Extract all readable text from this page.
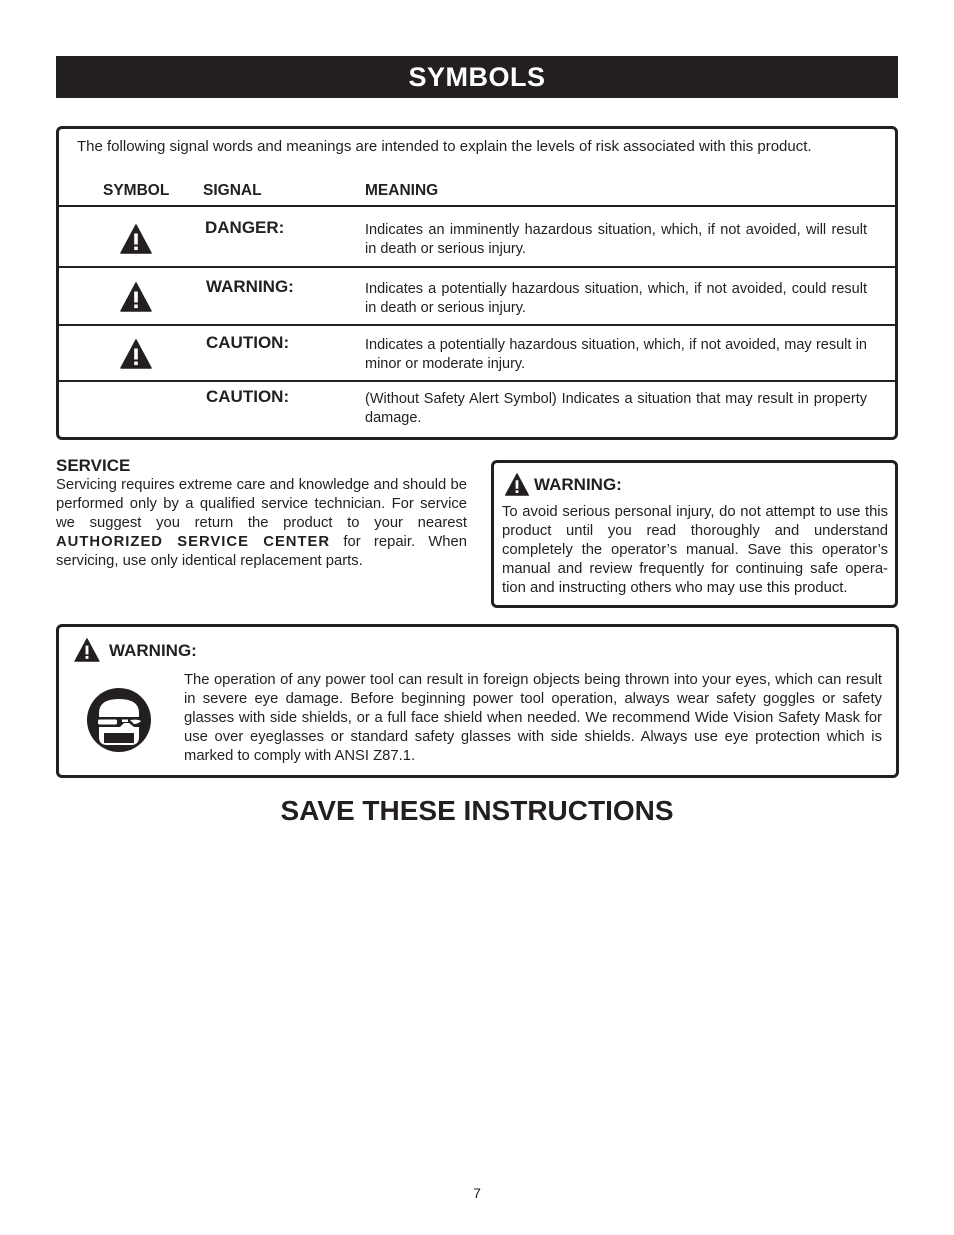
SYMBOLS
The following signal words and meanings are intended to explain the levels of risk associated with this product.
SYMBOL SIGNAL	MEANING
DANGER:	Indicates an imminently hazardous situation, which, if not avoided, will result in death or serious injury.
WARNING:	Indicates a potentially hazardous situation, which, if not avoided, could result in death or serious injury.
CAUTION:	Indicates a potentially hazardous situation, which, if not avoided, may result in minor or moderate injury.
CAUTION:	(Without Safety Alert Symbol) Indicates a situation that may result in property damage.
SERVICE
Servicing requires extreme care and knowledge and should be performed only by a qualified service technician. For service we suggest you return the product to your nearest AUTHORIZED SERVICE CENTER for repair. When servicing, use only identical replacement parts.
WARNING:
To avoid serious personal injury, do not attempt to use this product until you read thoroughly and understand completely the operator’s manual. Save this operator’s manual and review frequently for continuing safe opera-tion and instructing others who may use this product.
WARNING:
The operation of any power tool can result in foreign objects being thrown into your eyes, which can result in severe eye damage. Before beginning power tool operation, always wear safety goggles or safety glasses with side shields, or a full face shield when needed. We recommend Wide Vision Safety Mask for use over eyeglasses or standard safety glasses with side shields. Always use eye protection which is marked to comply with ANSI Z87.1.
SAVE THESE INSTRUCTIONS
7
